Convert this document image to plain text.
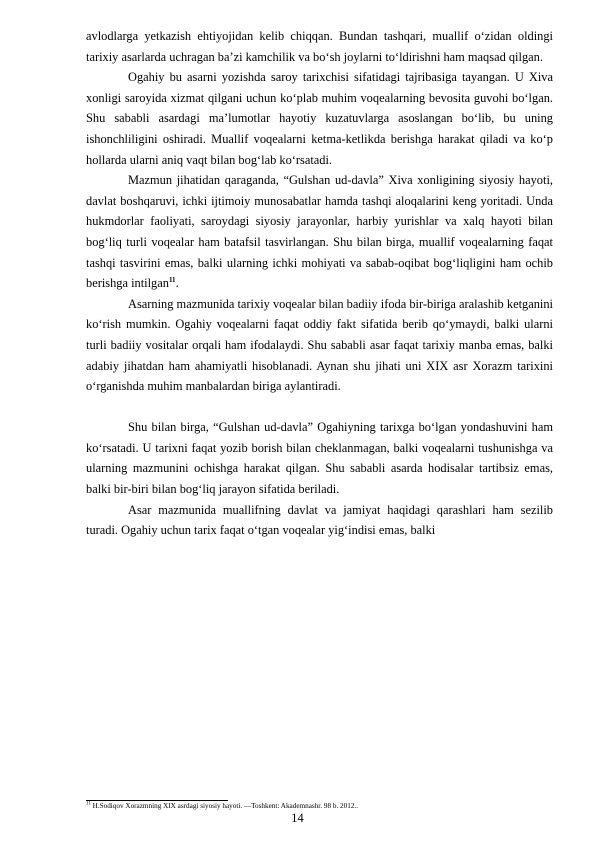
avlodlarga yetkazish ehtiyojidan kelib chiqqan. Bundan tashqari, muallif o‘zidan oldingi tarixiy asarlarda uchragan ba’zi kamchilik va bo‘sh joylarni to‘ldirishni ham maqsad qilgan.

Ogahiy bu asarni yozishda saroy tarixchisi sifatidagi tajribasiga tayangan. U Xiva xonligi saroyida xizmat qilgani uchun ko‘plab muhim voqealarning bevosita guvohi bo‘lgan. Shu sababli asardagi ma’lumotlar hayotiy kuzatuvlarga asoslangan bo‘lib, bu uning ishonchliligini oshiradi. Muallif voqealarni ketma-ketlikda berishga harakat qiladi va ko‘p hollarda ularni aniq vaqt bilan bog‘lab ko‘rsatadi.

Mazmun jihatidan qaraganda, “Gulshan ud-davla” Xiva xonligining siyosiy hayoti, davlat boshqaruvi, ichki ijtimoiy munosabatlar hamda tashqi aloqalarini keng yoritadi. Unda hukmdorlar faoliyati, saroydagi siyosiy jarayonlar, harbiy yurishlar va xalq hayoti bilan bog‘liq turli voqealar ham batafsil tasvirlangan. Shu bilan birga, muallif voqealarning faqat tashqi tasvirini emas, balki ularning ichki mohiyati va sabab-oqibat bog‘liqligini ham ochib berishga intilgan$^{11}$.

Asarning mazmunida tarixiy voqealar bilan badiiy ifoda bir-biriga aralashib ketganini ko‘rish mumkin. Ogahiy voqealarni faqat oddiy fakt sifatida berib qo‘ymaydi, balki ularni turli badiiy vositalar orqali ham ifodalaydi. Shu sababli asar faqat tarixiy manba emas, balki adabiy jihatdan ham ahamiyatli hisoblanadi. Aynan shu jihati uni XIX asr Xorazm tarixini o‘rganishda muhim manbalardan biriga aylantiradi.

Shu bilan birga, “Gulshan ud-davla” Ogahiyning tarixga bo‘lgan yondashuvini ham ko‘rsatadi. U tarixni faqat yozib borish bilan cheklanmagan, balki voqealarni tushunishga va ularning mazmunini ochishga harakat qilgan. Shu sababli asarda hodisalar tartibsiz emas, balki bir-biri bilan bog‘liq jarayon sifatida beriladi.

Asar mazmunida muallifning davlat va jamiyat haqidagi qarashlari ham sezilib turadi. Ogahiy uchun tarix faqat o‘tgan voqealar yig‘indisi emas, balki

$^{11}$ H.Sodiqov Xorazmning XIX asrdagi siyosiy hayoti. —Toshkent: Akademnashr. 98 b. 2012..
14
